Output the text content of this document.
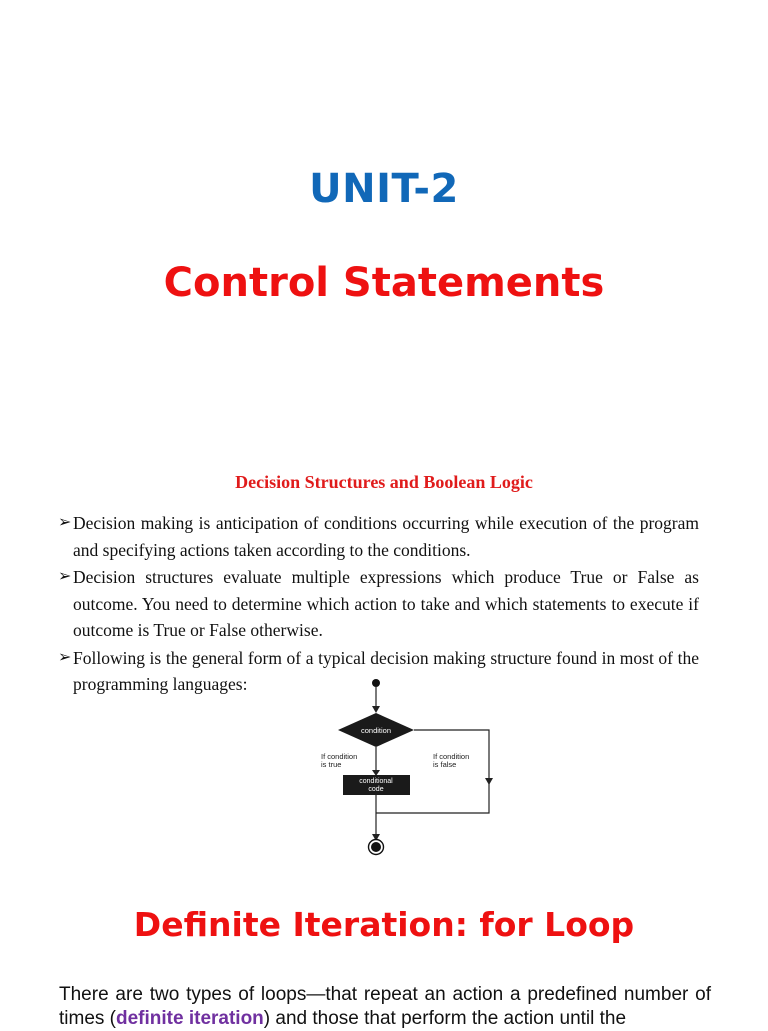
UNIT-2
Control Statements
Decision Structures and Boolean Logic
➢ Decision making is anticipation of conditions occurring while execution of the program and specifying actions taken according to the conditions.
➢ Decision structures evaluate multiple expressions which produce True or False as outcome. You need to determine which action to take and which statements to execute if outcome is True or False otherwise.
➢ Following is the general form of a typical decision making structure found in most of the programming languages:
condition
If condition
is true
If condition
is false
conditional
code
Definite Iteration: for Loop
There are two types of loops—that repeat an action a predefined number of times (definite iteration) and those that perform the action until the
